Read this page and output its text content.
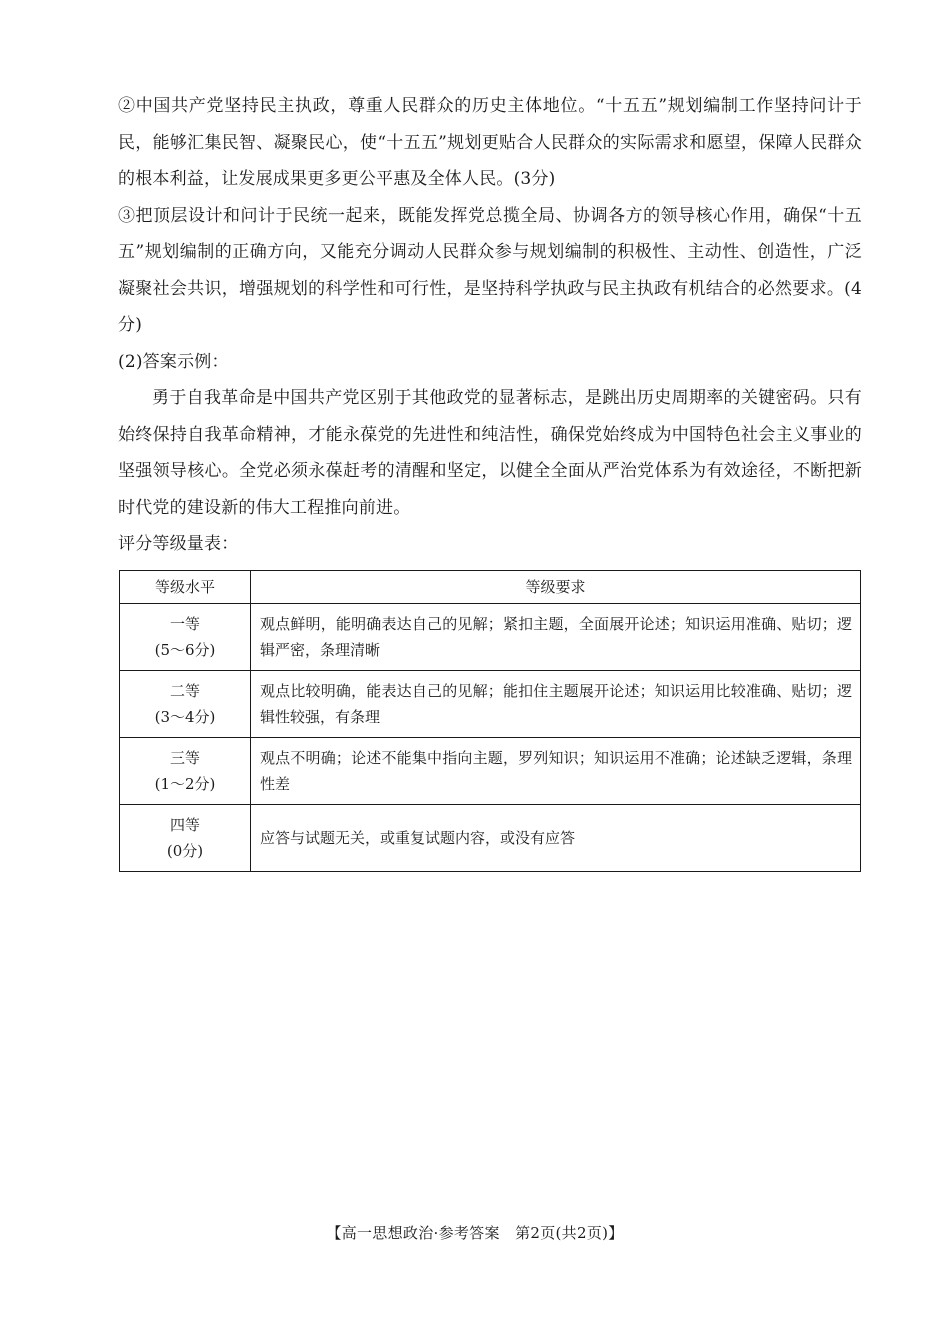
②中国共产党坚持民主执政，尊重人民群众的历史主体地位。“十五五”规划编制工作坚持问计于民，能够汇集民智、凝聚民心，使“十五五”规划更贴合人民群众的实际需求和愿望，保障人民群众的根本利益，让发展成果更多更公平惠及全体人民。(3分)

③把顶层设计和问计于民统一起来，既能发挥党总揽全局、协调各方的领导核心作用，确保“十五五”规划编制的正确方向，又能充分调动人民群众参与规划编制的积极性、主动性、创造性，广泛凝聚社会共识，增强规划的科学性和可行性，是坚持科学执政与民主执政有机结合的必然要求。(4分)

(2)答案示例：

勇于自我革命是中国共产党区别于其他政党的显著标志，是跳出历史周期率的关键密码。只有始终保持自我革命精神，才能永葆党的先进性和纯洁性，确保党始终成为中国特色社会主义事业的坚强领导核心。全党必须永葆赶考的清醒和坚定，以健全全面从严治党体系为有效途径，不断把新时代党的建设新的伟大工程推向前进。

评分等级量表：

等级水平	等级要求

一等
(5～6分)	观点鲜明，能明确表达自己的见解；紧扣主题，全面展开论述；知识运用准确、贴切；逻辑严密，条理清晰

二等
(3～4分)	观点比较明确，能表达自己的见解；能扣住主题展开论述；知识运用比较准确、贴切；逻辑性较强，有条理

三等
(1～2分)	观点不明确；论述不能集中指向主题，罗列知识；知识运用不准确；论述缺乏逻辑，条理性差

四等
(0分)	应答与试题无关，或重复试题内容，或没有应答
【高一思想政治·参考答案　第2页(共2页)】
